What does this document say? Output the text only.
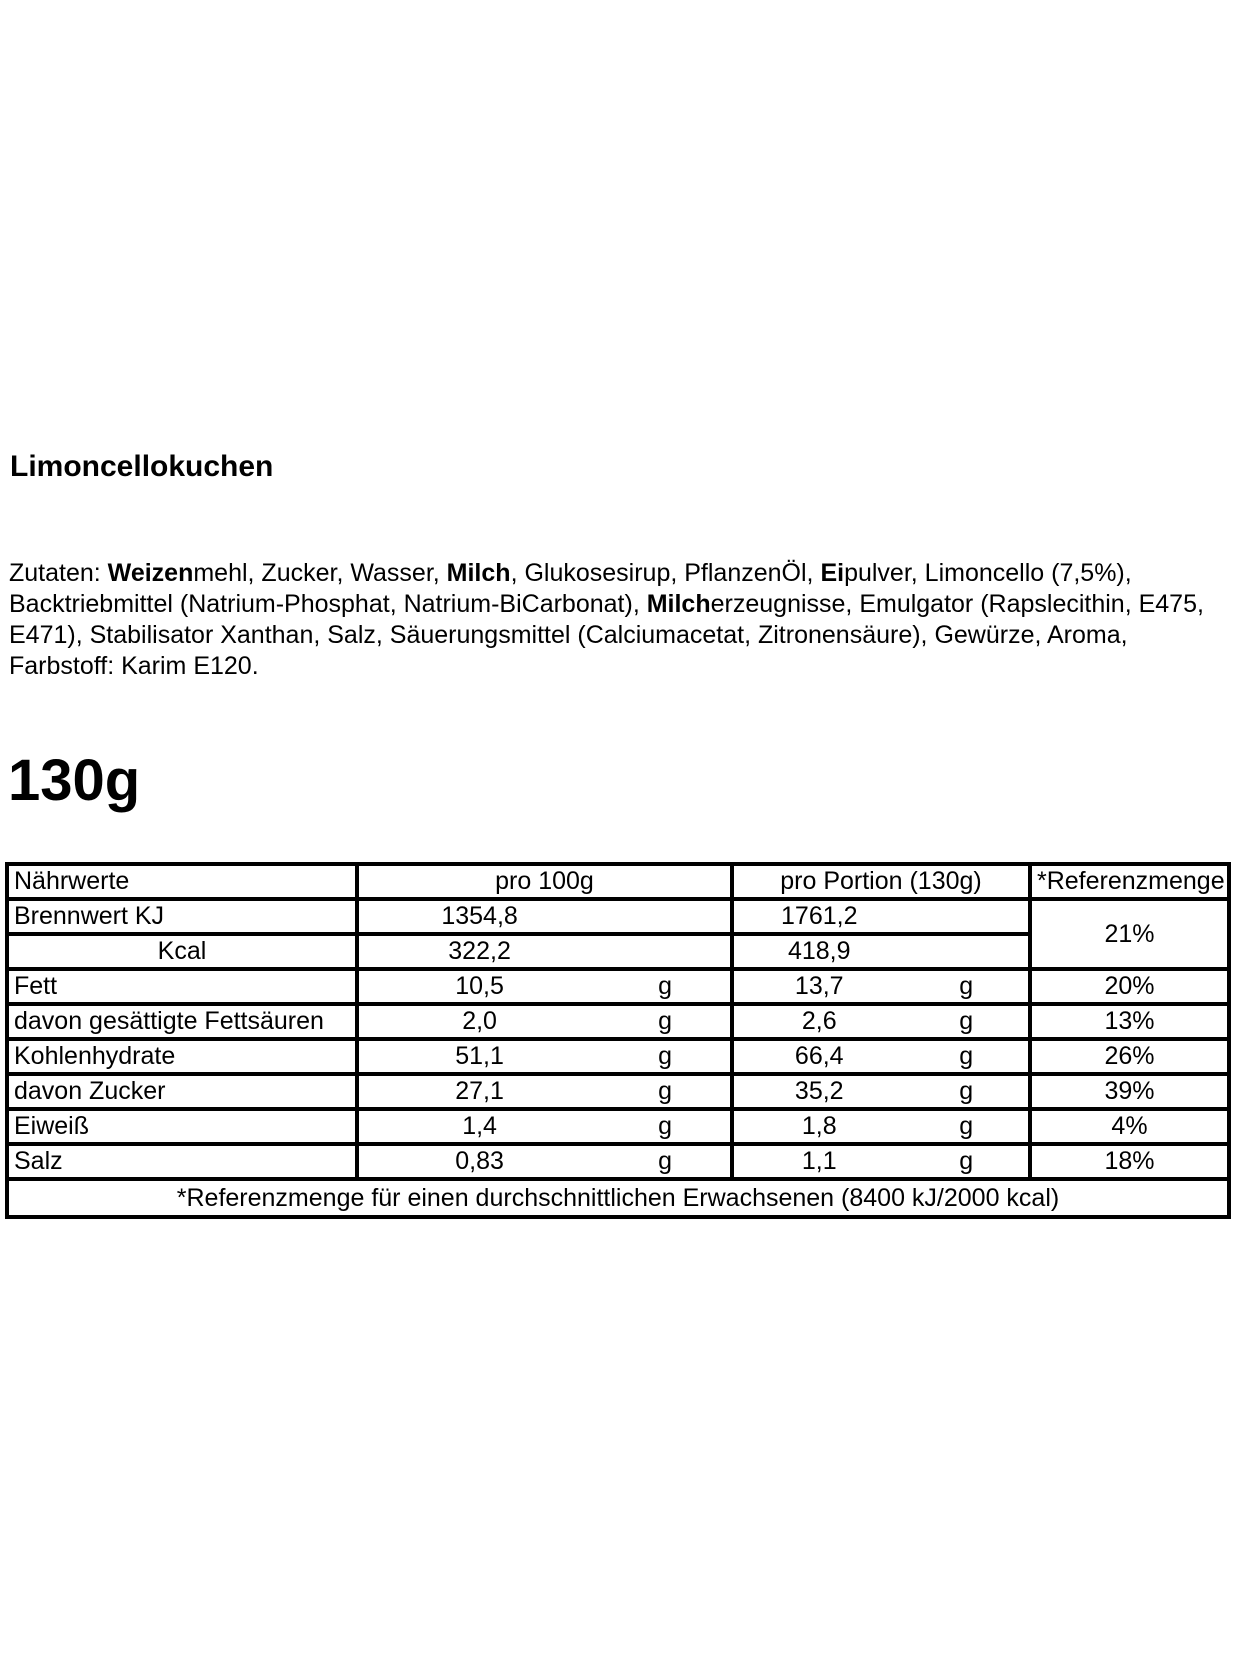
Limoncellokuchen
Zutaten: Weizenmehl, Zucker, Wasser, Milch, Glukosesirup, PflanzenÖl, Eipulver, Limoncello (7,5%),
Backtriebmittel (Natrium-Phosphat, Natrium-BiCarbonat), Milcherzeugnisse, Emulgator (Rapslecithin, E475,
E471), Stabilisator Xanthan, Salz, Säuerungsmittel (Calciumacetat, Zitronensäure), Gewürze, Aroma,
Farbstoff: Karim E120.
130g
Nährwerte	pro 100g	pro Portion (130g)	*Referenzmenge
Brennwert KJ	1354,8	1761,2	21%
Kcal	322,2	418,9	

Fett	10,5 g	13,7 g	20%
davon gesättigte Fettsäuren	2,0 g	2,6 g	13%
Kohlenhydrate	51,1 g	66,4 g	26%
davon Zucker	27,1 g	35,2 g	39%
Eiweiß	1,4 g	1,8 g	4%
Salz	0,83 g	1,1 g	18%
*Referenzmenge für einen durchschnittlichen Erwachsenen (8400 kJ/2000 kcal)			
